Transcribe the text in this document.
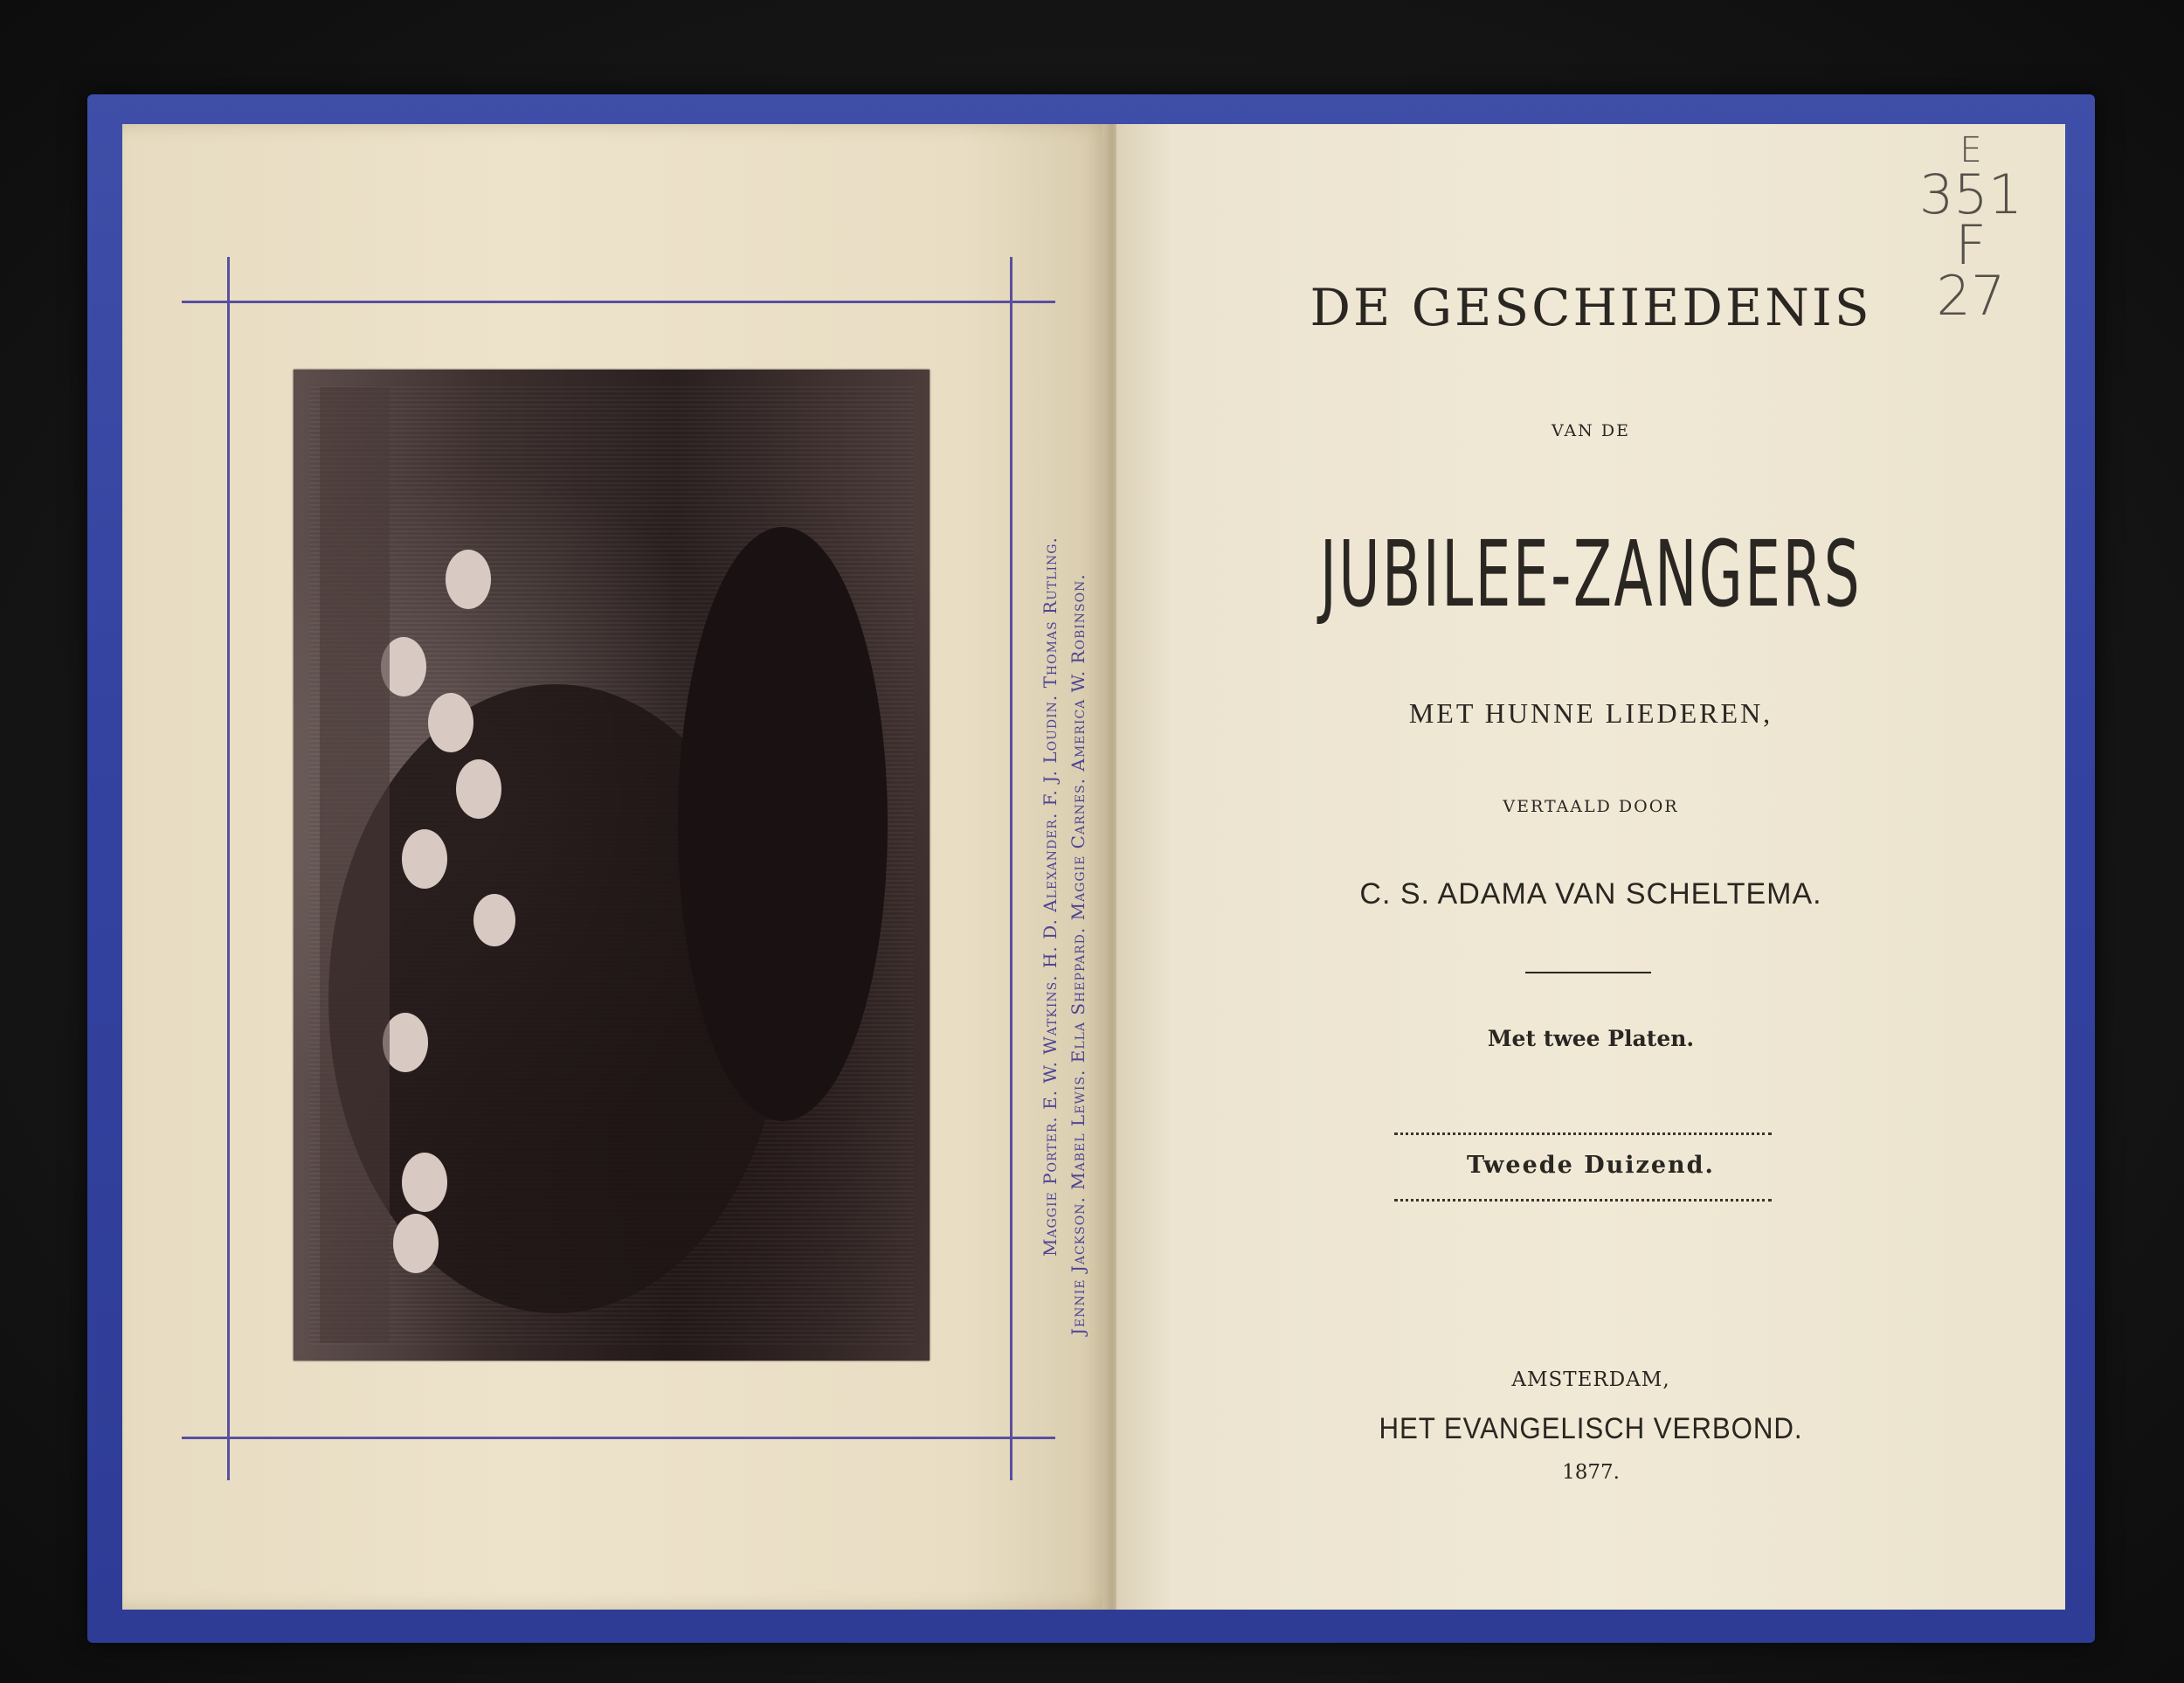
Maggie Porter. E. W. Watkins. H. D. Alexander. F. J. Loudin. Thomas Rutling. Jennie Jackson. Mabel Lewis. Ella Sheppard. Maggie Carnes. America W. Robinson.
DE GESCHIEDENIS
VAN DE
JUBILEE-ZANGERS
MET HUNNE LIEDEREN,
VERTAALD DOOR
C. S. ADAMA VAN SCHELTEMA.
Met twee Platen.
Tweede Duizend.
AMSTERDAM,
HET EVANGELISCH VERBOND.
1877.
E
351
F
27
